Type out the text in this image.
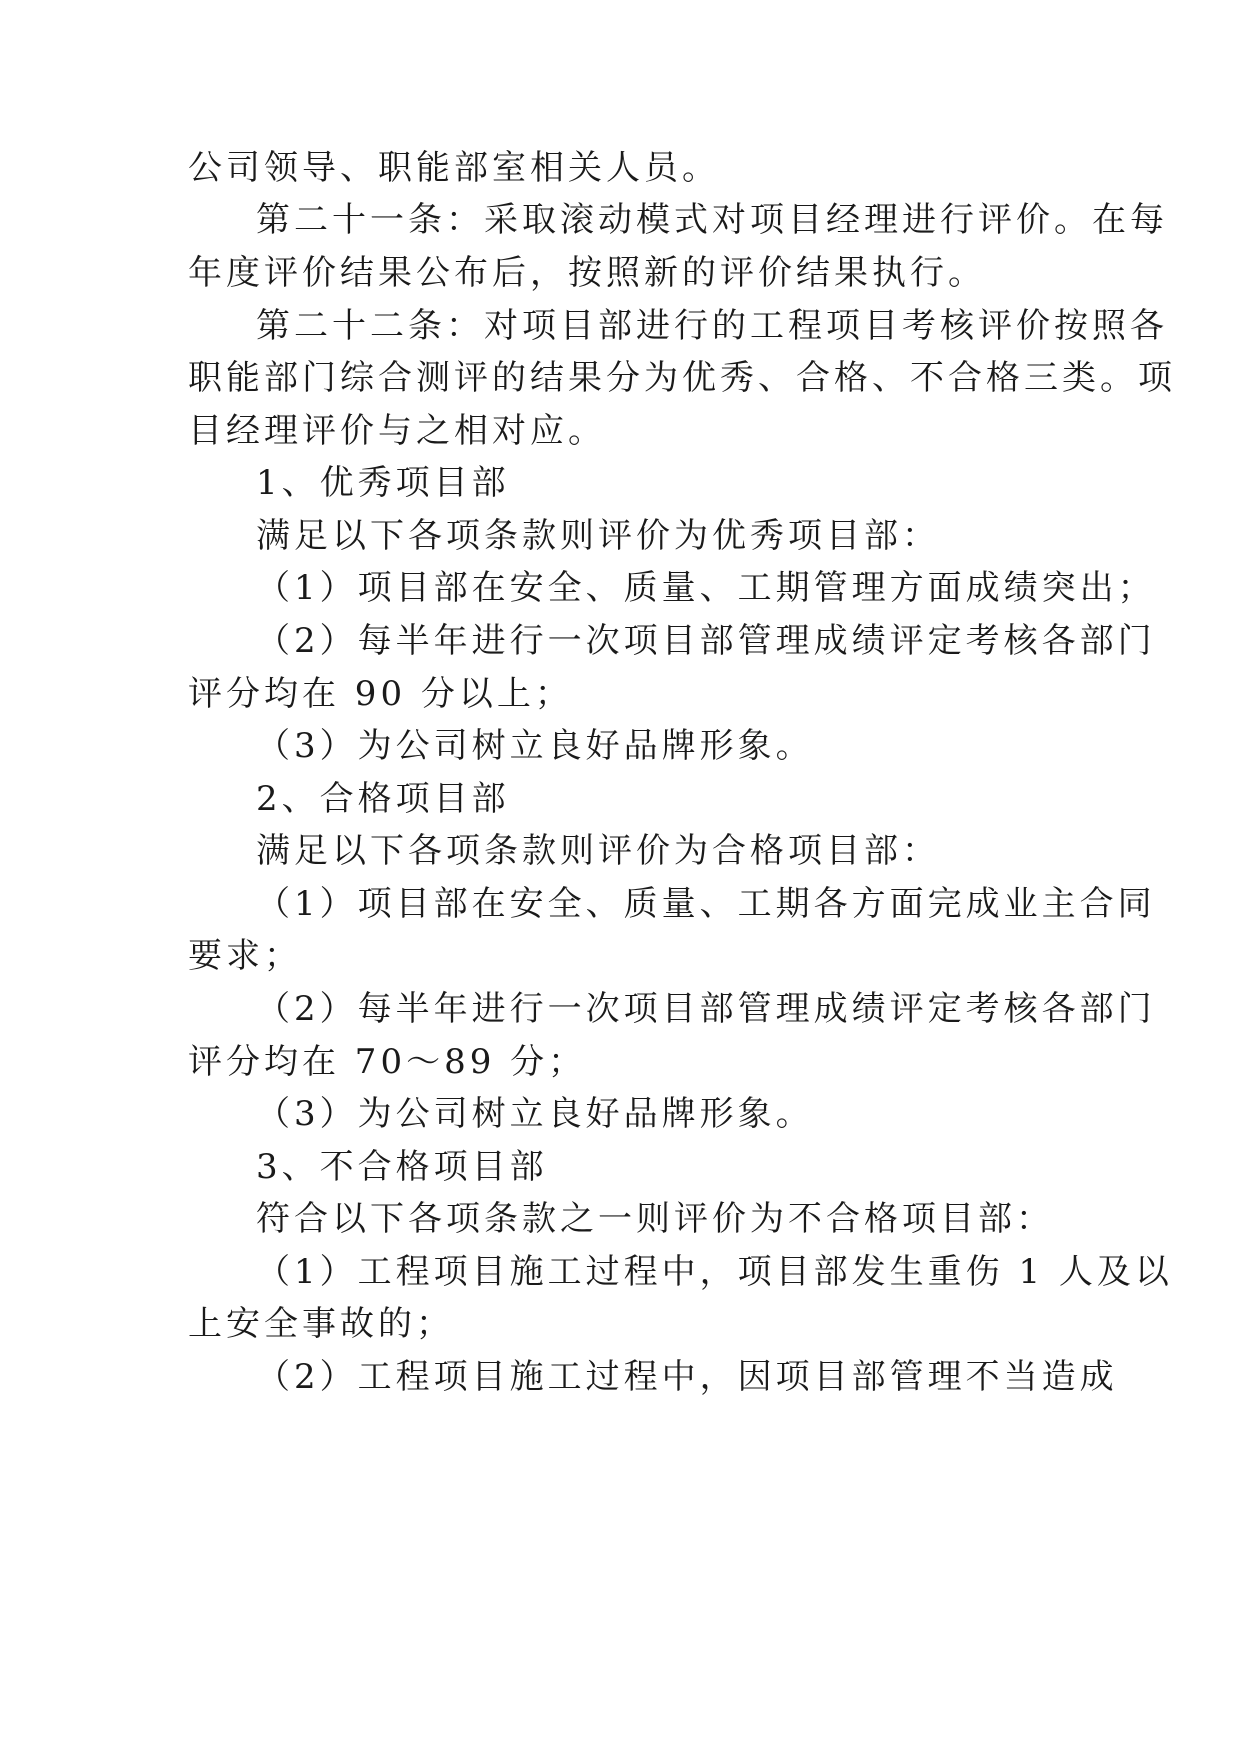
公司领导、职能部室相关人员。
第二十一条：采取滚动模式对项目经理进行评价。在每
年度评价结果公布后，按照新的评价结果执行。
第二十二条：对项目部进行的工程项目考核评价按照各
职能部门综合测评的结果分为优秀、合格、不合格三类。项
目经理评价与之相对应。
1、优秀项目部
满足以下各项条款则评价为优秀项目部：
（1）项目部在安全、质量、工期管理方面成绩突出；
（2）每半年进行一次项目部管理成绩评定考核各部门
评分均在 90 分以上；
（3）为公司树立良好品牌形象。
2、合格项目部
满足以下各项条款则评价为合格项目部：
（1）项目部在安全、质量、工期各方面完成业主合同
要求；
（2）每半年进行一次项目部管理成绩评定考核各部门
评分均在 70～89 分；
（3）为公司树立良好品牌形象。
3、不合格项目部
符合以下各项条款之一则评价为不合格项目部：
（1）工程项目施工过程中，项目部发生重伤 1 人及以
上安全事故的；
（2）工程项目施工过程中，因项目部管理不当造成
